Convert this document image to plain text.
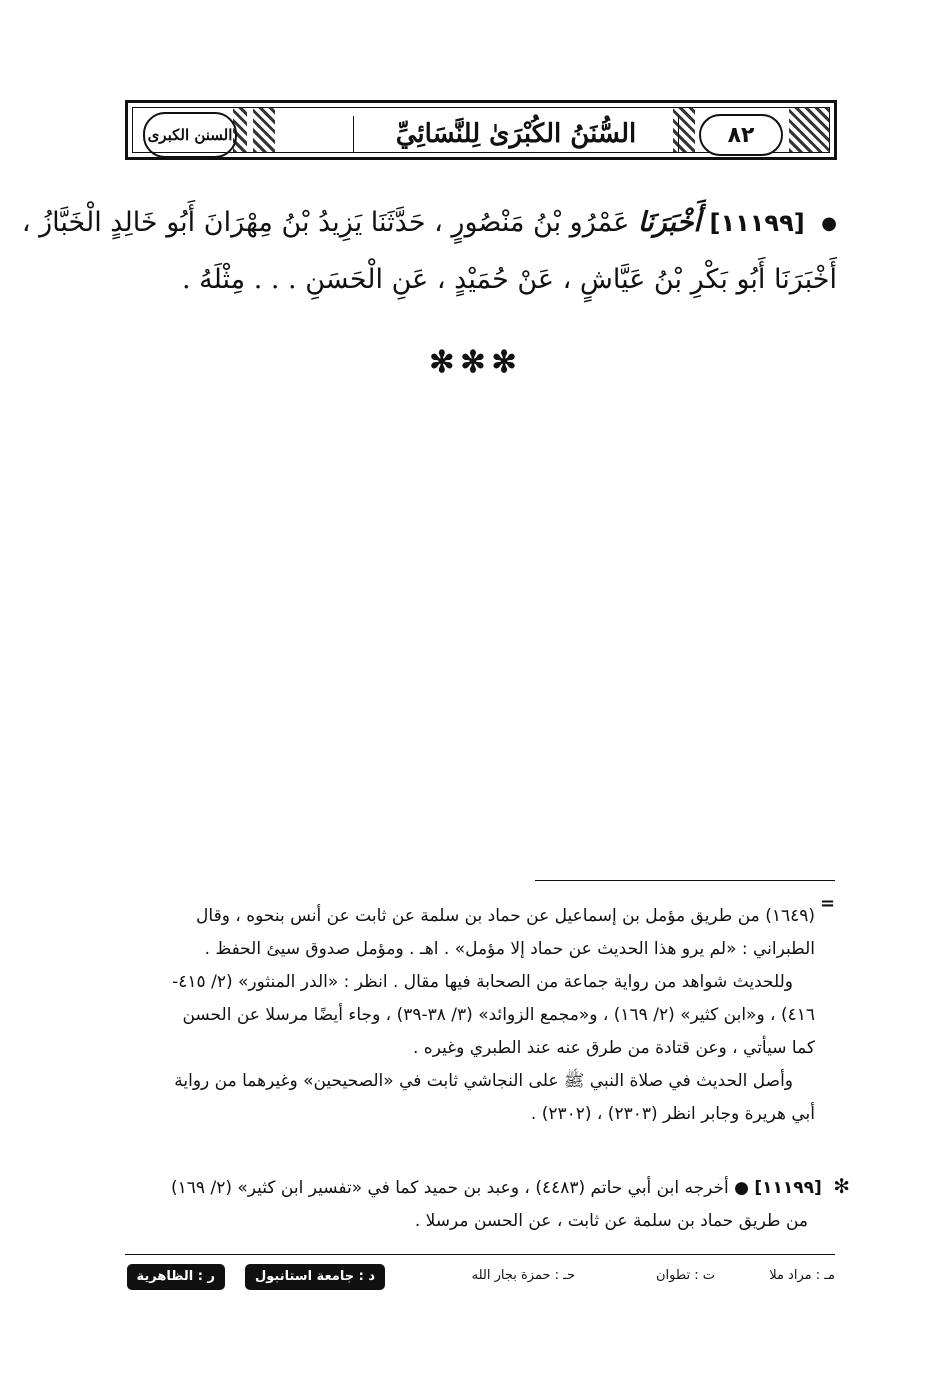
٨٢
السُّنَنُ الكُبْرَىٰ لِلنَّسَائِيِّ
السنن الكبرى
● [١١١٩٩] أَخْبَرَنَا عَمْرُو بْنُ مَنْصُورٍ ، حَدَّثَنَا يَزِيدُ بْنُ مِهْرَانَ أَبُو خَالِدٍ الْخَبَّازُ ،
أَخْبَرَنَا أَبُو بَكْرِ بْنُ عَيَّاشٍ ، عَنْ حُمَيْدٍ ، عَنِ الْحَسَنِ . . . مِثْلَهُ .
✻✻✻
=
(١٦٤٩) من طريق مؤمل بن إسماعيل عن حماد بن سلمة عن ثابت عن أنس بنحوه ، وقال
الطبراني : «لم يرو هذا الحديث عن حماد إلا مؤمل» . اهـ . ومؤمل صدوق سيئ الحفظ .
وللحديث شواهد من رواية جماعة من الصحابة فيها مقال . انظر : «الدر المنثور» (٢/ ٤١٥-
٤١٦) ، و«ابن كثير» (٢/ ١٦٩) ، و«مجمع الزوائد» (٣/ ٣٨-٣٩) ، وجاء أيضًا مرسلا عن الحسن
كما سيأتي ، وعن قتادة من طرق عنه عند الطبري وغيره .
وأصل الحديث في صلاة النبي ﷺ على النجاشي ثابت في «الصحيحين» وغيرهما من رواية
أبي هريرة وجابر انظر (٢٣٠٣) ، (٢٣٠٢) .
✻ [١١١٩٩] ● أخرجه ابن أبي حاتم (٤٤٨٣) ، وعبد بن حميد كما في «تفسير ابن كثير» (٢/ ١٦٩)
من طريق حماد بن سلمة عن ثابت ، عن الحسن مرسلا .
مـ : مراد ملا
ت : تطوان
حـ : حمزة بجار الله
د : جامعة استانبول
ر : الظاهرية
